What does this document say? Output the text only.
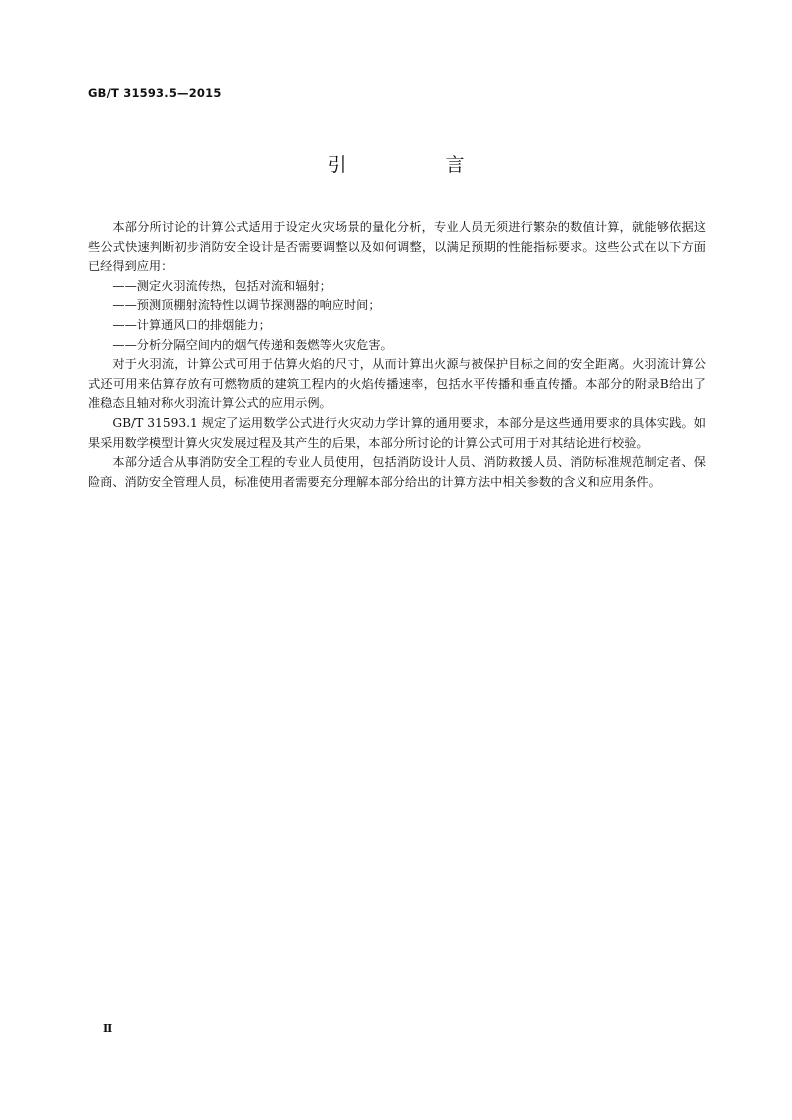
GB/T 31593.5—2015
引　言

本部分所讨论的计算公式适用于设定火灾场景的量化分析，专业人员无须进行繁杂的数值计算，就能够依据这些公式快速判断初步消防安全设计是否需要调整以及如何调整，以满足预期的性能指标要求。这些公式在以下方面已经得到应用：

——测定火羽流传热，包括对流和辐射；

——预测顶棚射流特性以调节探测器的响应时间；

——计算通风口的排烟能力；

——分析分隔空间内的烟气传递和轰燃等火灾危害。

对于火羽流，计算公式可用于估算火焰的尺寸，从而计算出火源与被保护目标之间的安全距离。火羽流计算公式还可用来估算存放有可燃物质的建筑工程内的火焰传播速率，包括水平传播和垂直传播。本部分的附录B给出了准稳态且轴对称火羽流计算公式的应用示例。

GB/T 31593.1 规定了运用数学公式进行火灾动力学计算的通用要求，本部分是这些通用要求的具体实践。如果采用数学模型计算火灾发展过程及其产生的后果，本部分所讨论的计算公式可用于对其结论进行校验。

本部分适合从事消防安全工程的专业人员使用，包括消防设计人员、消防救援人员、消防标准规范制定者、保险商、消防安全管理人员，标准使用者需要充分理解本部分给出的计算方法中相关参数的含义和应用条件。

Ⅱ
